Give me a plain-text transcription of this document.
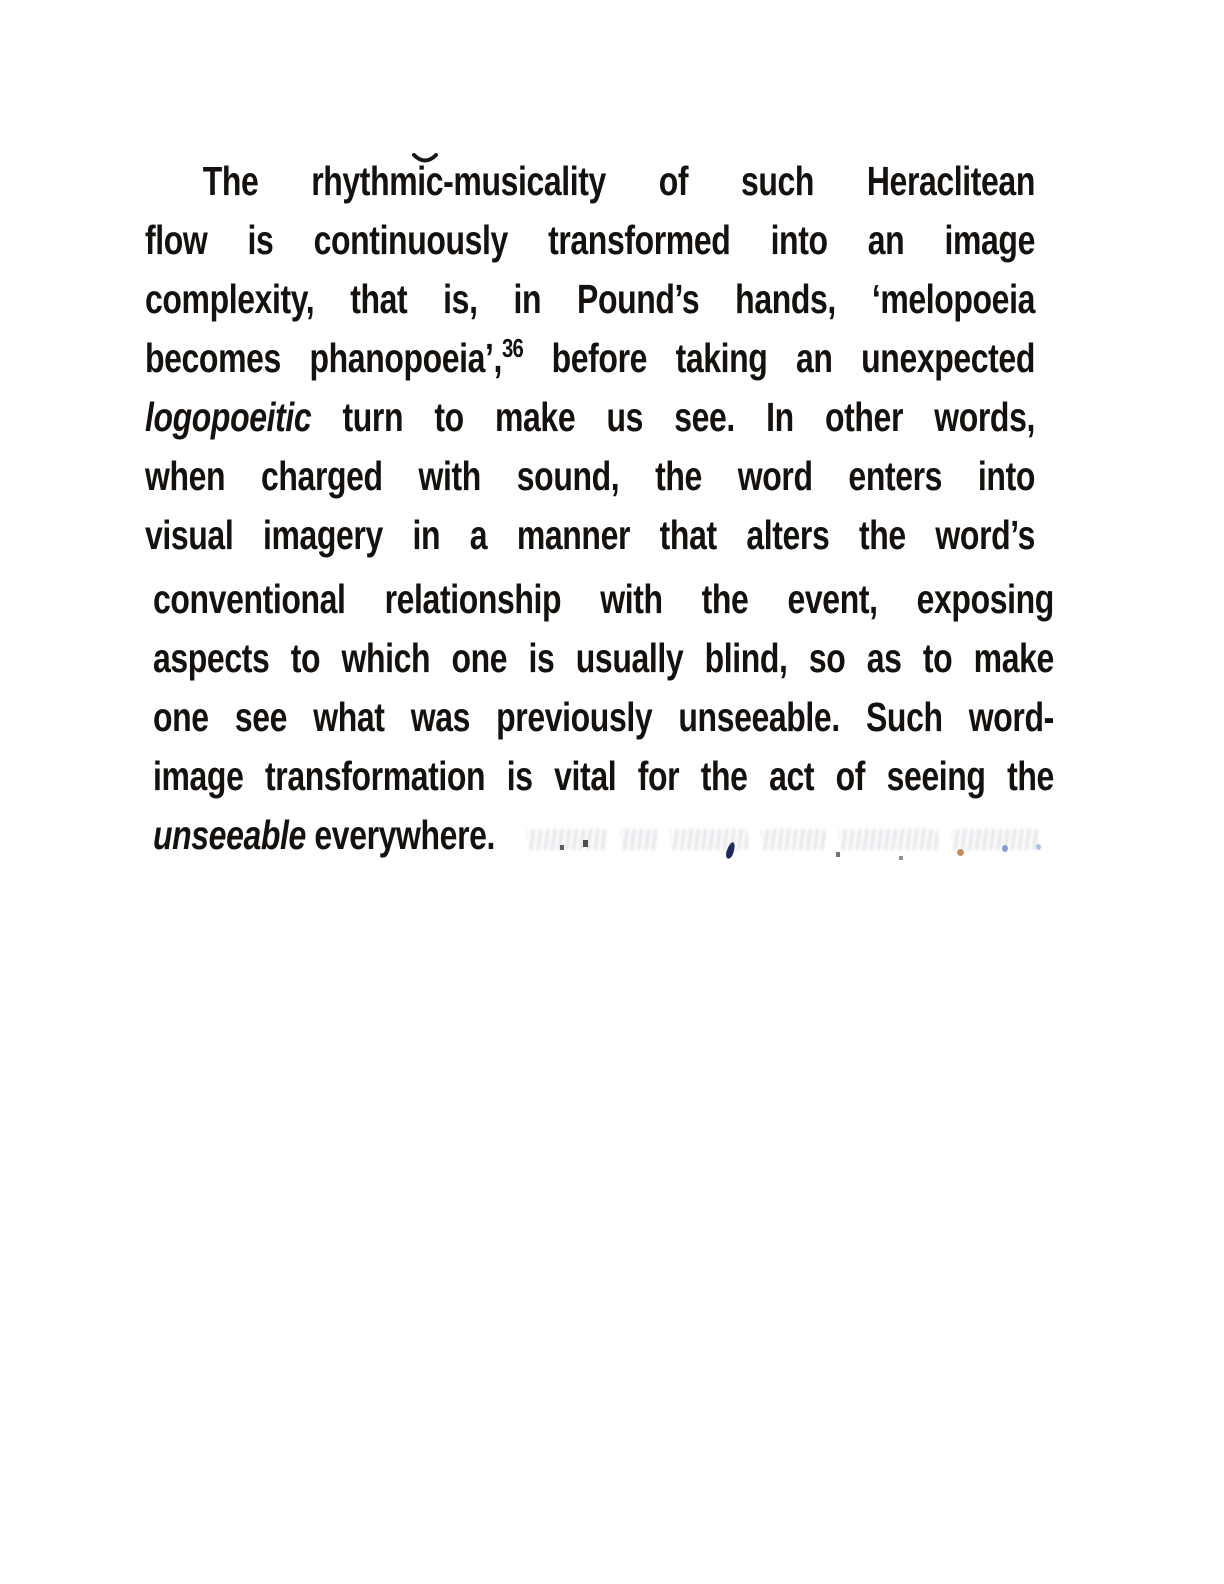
The rhythmic-musicality of such Heraclitean
flow is continuously transformed into an image
complexity, that is, in Pound’s hands, ‘melopoeia
becomes phanopoeia’,$^{36}$ before taking an unexpected
logopoeitic turn to make us see. In other words,
when charged with sound, the word enters into
visual imagery in a manner that alters the word’s
conventional relationship with the event, exposing
aspects to which one is usually blind, so as to make
one see what was previously unseeable. Such word-
image transformation is vital for the act of seeing the
unseeable everywhere.
